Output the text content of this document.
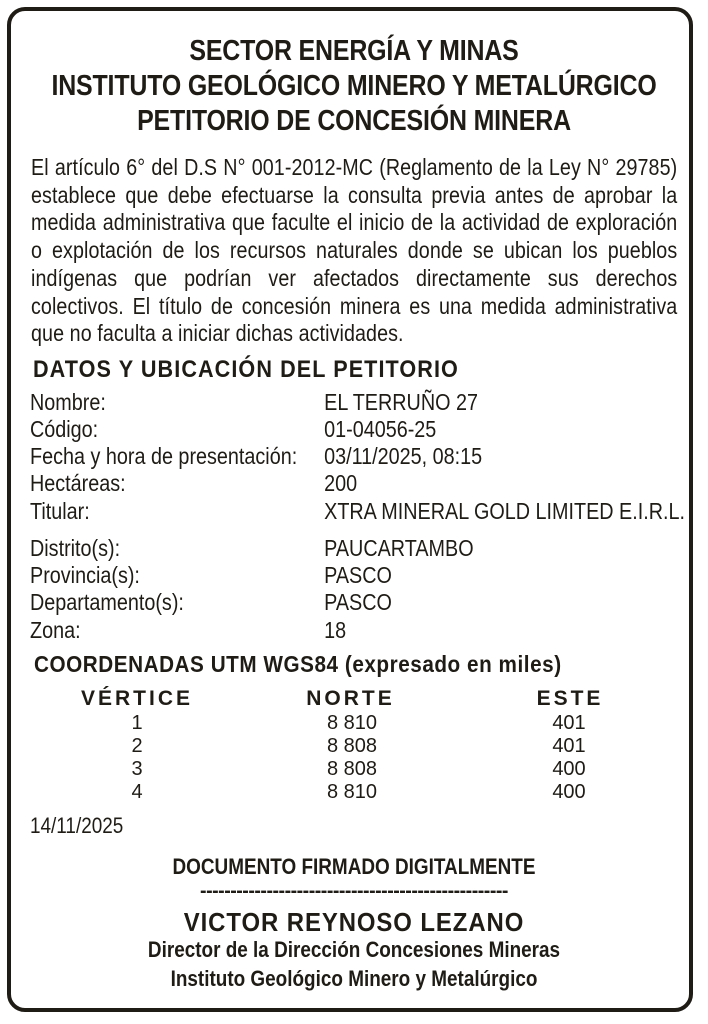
SECTOR ENERGÍA Y MINAS
INSTITUTO GEOLÓGICO MINERO Y METALÚRGICO
PETITORIO DE CONCESIÓN MINERA
El artículo 6° del D.S N° 001-2012-MC (Reglamento de la Ley N° 29785) establece que debe efectuarse la consulta previa antes de aprobar la medida administrativa que faculte el inicio de la actividad de exploración o explotación de los recursos naturales donde se ubican los pueblos indígenas que podrían ver afectados directamente sus derechos colectivos. El título de concesión minera es una medida administrativa que no faculta a iniciar dichas actividades.
DATOS Y UBICACIÓN DEL PETITORIO
Nombre:	EL TERRUÑO 27
Código:	01-04056-25
Fecha y hora de presentación: 03/11/2025, 08:15
Hectáreas:	200
Titular:	XTRA MINERAL GOLD LIMITED E.I.R.L.
Distrito(s):	PAUCARTAMBO
Provincia(s):	PASCO
Departamento(s):	PASCO
Zona:	18
COORDENADAS UTM WGS84 (expresado en miles)
VÉRTICE	NORTE	ESTE
1	8 810	401
2	8 808	401
3	8 808	400
4	8 810	400
14/11/2025
DOCUMENTO FIRMADO DIGITALMENTE
---------------------------------------------------
VICTOR REYNOSO LEZANO
Director de la Dirección Concesiones Mineras
Instituto Geológico Minero y Metalúrgico
